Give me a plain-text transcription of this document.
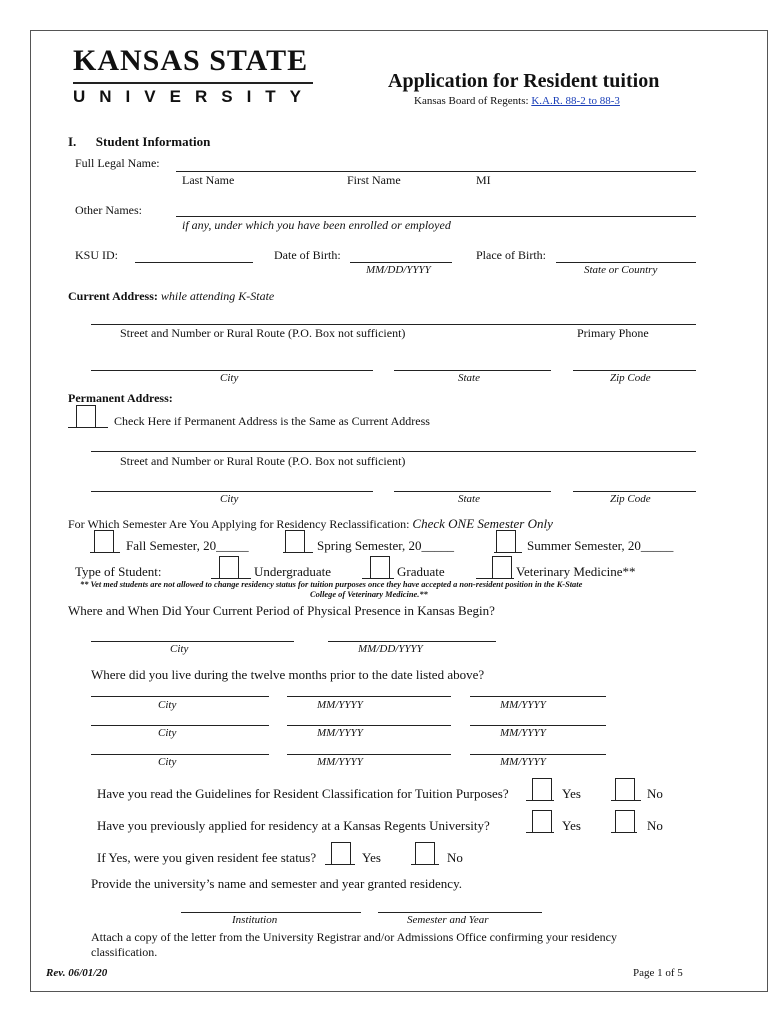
KANSAS STATE
UNIVERSITY
Application for Resident tuition
Kansas Board of Regents: K.A.R. 88-2 to 88-3
I.      Student Information
Full Legal Name:
Last Name	First Name	MI
Other Names:
if any, under which you have been enrolled or employed
KSU ID:	Date of Birth:
MM/DD/YYYY
Place of Birth:
State or Country
Current Address: while attending K-State
Street and Number or Rural Route (P.O. Box not sufficient)	Primary Phone
City	State	Zip Code
Permanent Address:
Check Here if Permanent Address is the Same as Current Address
Street and Number or Rural Route (P.O. Box not sufficient)
City	State	Zip Code
For Which Semester Are You Applying for Residency Reclassification: Check ONE Semester Only
Fall Semester, 20_____	Spring Semester, 20_____	Summer Semester, 20_____
Type of Student:	Undergraduate	Graduate	Veterinary Medicine**
** Vet med students are not allowed to change residency status for tuition purposes once they have accepted a non-resident position in the K-State
College of Veterinary Medicine.**
Where and When Did Your Current Period of Physical Presence in Kansas Begin?
City	MM/DD/YYYY
Where did you live during the twelve months prior to the date listed above?
City	MM/YYYY	MM/YYYY
City	MM/YYYY	MM/YYYY
City	MM/YYYY	MM/YYYY
Have you read the Guidelines for Resident Classification for Tuition Purposes?	Yes	No
Have you previously applied for residency at a Kansas Regents University?	Yes	No
If Yes, were you given resident fee status?	Yes	No
Provide the university’s name and semester and year granted residency.
Institution	Semester and Year
Attach a copy of the letter from the University Registrar and/or Admissions Office confirming your residency
classification.
Rev. 06/01/20	Page 1 of 5
